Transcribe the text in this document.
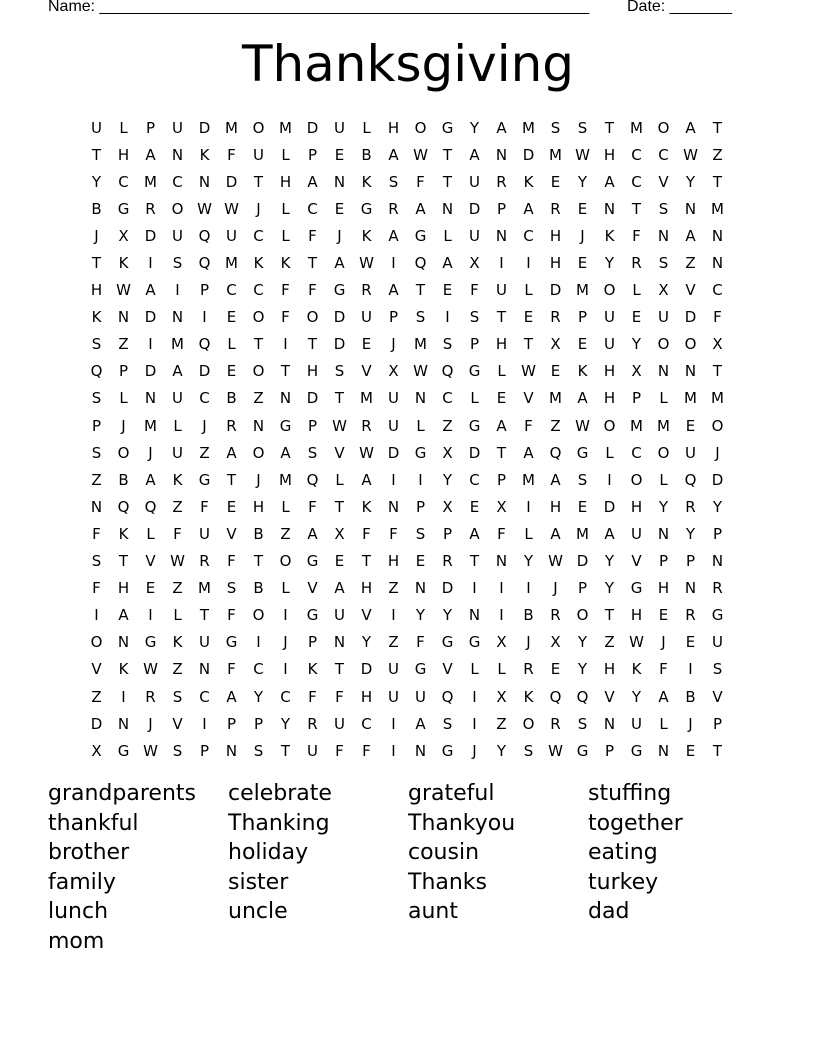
Name: _______________________________________________________ Date: _______
Thanksgiving
U	L	P	U	D M O M D	U	L	H	O	G	Y	A	M	S	S	T	M O	A	T
T	H	A	N	K	F	U	L	P	E	B	A W T	A	N	D M W H	C	C W Z
Y	C	M	C	N	D	T	H	A	N	K	S	F	T	U	R	K	E	Y	A	C	V	Y	T
B	G	R	O W W	J	L	C	E	G	R	A	N	D	P	A	R	E	N	T	S	N M
J	X	D	U	Q	U	C	L	F	J	K	A	G	L	U	N	C	H	J	K	F	N	A	N
T	K	I	S	Q M	K	K	T	A W	I	Q	A	X	I	I	H	E	Y	R	S	Z	N
H W A	I	P	C	C	F	F	G	R	A	T	E	F	U	L	D M O	L	X	V	C
K	N	D	N	I	E	O	F	O	D	U	P	S	I	S	T	E	R	P	U	E	U	D	F
S	Z	I	M Q	L	T	I	T	D	E	J	M	S	P	H	T	X	E	U	Y	O	O	X
Q	P	D	A	D	E	O	T	H	S	V	X W Q	G	L	W E	K	H	X	N	N	T
S	L	N	U	C	B	Z	N	D	T	M	U	N	C	L	E	V	M	A	H	P	L	M M
P	J	M	L	J	R	N	G	P	W R	U	L	Z	G	A	F	Z W O M M	E	O
S	O	J	U	Z	A	O	A	S	V W D	G	X	D	T	A	Q	G	L	C	O	U	J
Z	B	A	K	G	T	J	M Q	L	A	I	I	Y	C	P	M	A	S	I	O	L	Q	D
N	Q	Q	Z	F	E	H	L	F	T	K	N	P	X	E	X	I	H	E	D	H	Y	R	Y
F	K	L	F	U	V	B	Z	A	X	F	F	S	P	A	F	L	A	M	A	U	N	Y	P
S	T	V W R	F	T	O	G	E	T	H	E	R	T	N	Y	W D	Y	V	P	P	N
F	H	E	Z	M	S	B	L	V	A	H	Z	N	D	I	I	I	J	P	Y	G	H	N	R
I	A	I	L	T	F	O	I	G	U	V	I	Y	Y	N	I	B	R	O	T	H	E	R	G
O	N	G	K	U	G	I	J	P	N	Y	Z	F	G	G	X	J	X	Y	Z W	J	E	U
V	K W Z	N	F	C	I	K	T	D	U	G	V	L	L	R	E	Y	H	K	F	I	S
Z	I	R	S	C	A	Y	C	F	F	H	U	U	Q	I	X	K	Q	Q	V	Y	A	B	V
D	N	J	V	I	P	P	Y	R	U	C	I	A	S	I	Z	O	R	S	N	U	L	J	P
X	G W S	P	N	S	T	U	F	F	I	N	G	J	Y	S W G	P	G	N	E	T
grandparents	celebrate	grateful	stuffing
thankful	Thanking	Thankyou	together
brother	holiday	cousin	eating
family	sister	Thanks	turkey
lunch	uncle	aunt	dad
mom
